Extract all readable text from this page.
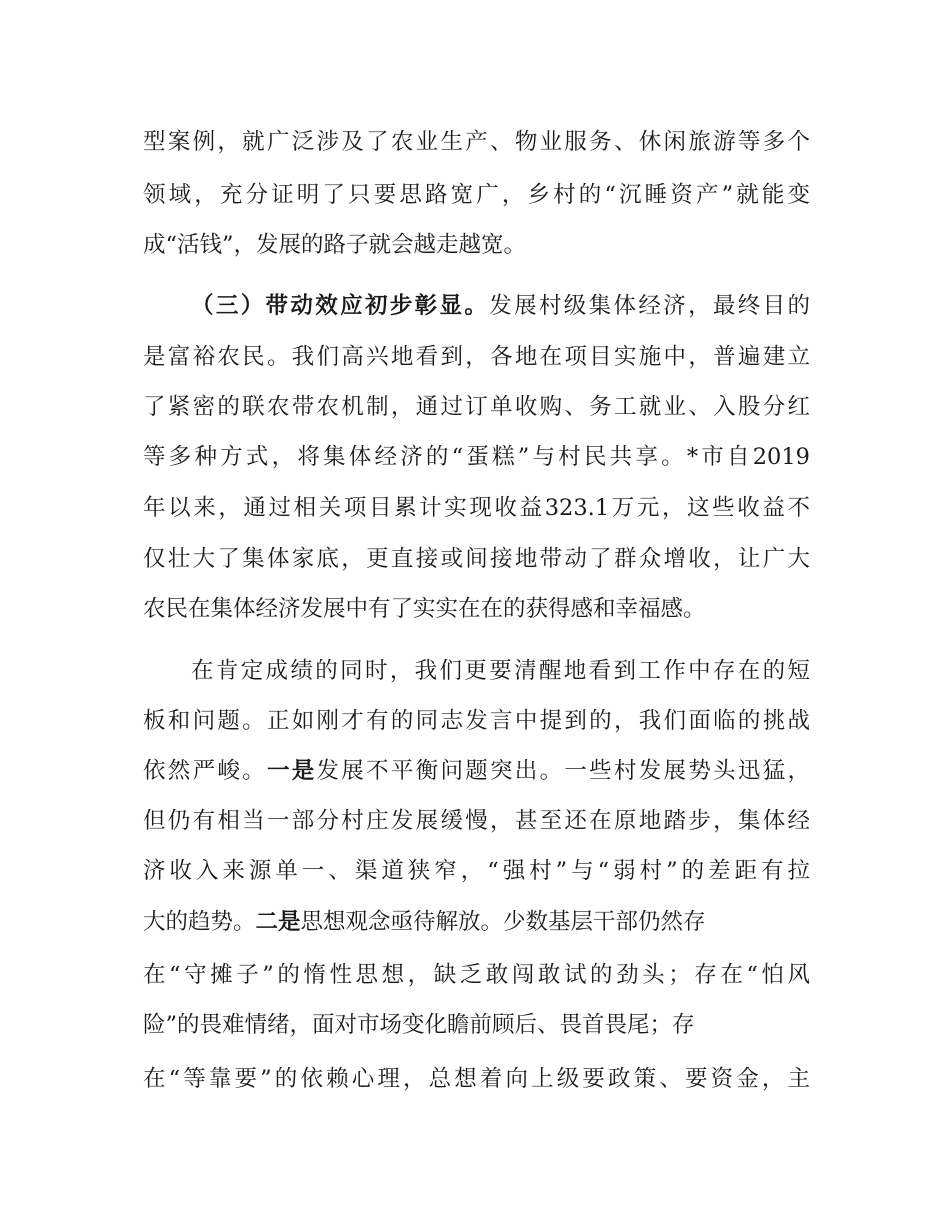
型案例，就广泛涉及了农业生产、物业服务、休闲旅游等多个
领域，充分证明了只要思路宽广，乡村的“沉睡资产”就能变
成“活钱”，发展的路子就会越走越宽。
（三）带动效应初步彰显。发展村级集体经济，最终目的
是富裕农民。我们高兴地看到，各地在项目实施中，普遍建立
了紧密的联农带农机制，通过订单收购、务工就业、入股分红
等多种方式，将集体经济的“蛋糕”与村民共享。*市自2019
年以来，通过相关项目累计实现收益323.1万元，这些收益不
仅壮大了集体家底，更直接或间接地带动了群众增收，让广大
农民在集体经济发展中有了实实在在的获得感和幸福感。
在肯定成绩的同时，我们更要清醒地看到工作中存在的短
板和问题。正如刚才有的同志发言中提到的，我们面临的挑战
依然严峻。一是发展不平衡问题突出。一些村发展势头迅猛，
但仍有相当一部分村庄发展缓慢，甚至还在原地踏步，集体经
济收入来源单一、渠道狭窄，“强村”与“弱村”的差距有拉
大的趋势。二是思想观念亟待解放。少数基层干部仍然存
在“守摊子”的惰性思想，缺乏敢闯敢试的劲头；存在“怕风
险”的畏难情绪，面对市场变化瞻前顾后、畏首畏尾；存
在“等靠要”的依赖心理，总想着向上级要政策、要资金，主
